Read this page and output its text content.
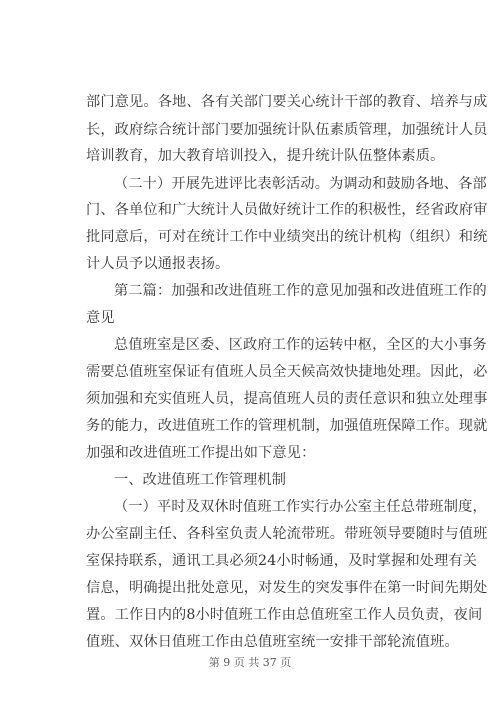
部门意见。各地、各有关部门要关心统计干部的教育、培养与成
长，政府综合统计部门要加强统计队伍素质管理，加强统计人员
培训教育，加大教育培训投入，提升统计队伍整体素质。
（二十）开展先进评比表彰活动。为调动和鼓励各地、各部
门、各单位和广大统计人员做好统计工作的积极性，经省政府审
批同意后，可对在统计工作中业绩突出的统计机构（组织）和统
计人员予以通报表扬。
第二篇：加强和改进值班工作的意见加强和改进值班工作的
意见
总值班室是区委、区政府工作的运转中枢，全区的大小事务
需要总值班室保证有值班人员全天候高效快捷地处理。因此，必
须加强和充实值班人员，提高值班人员的责任意识和独立处理事
务的能力，改进值班工作的管理机制，加强值班保障工作。现就
加强和改进值班工作提出如下意见：
一、改进值班工作管理机制
（一）平时及双休时值班工作实行办公室主任总带班制度，
办公室副主任、各科室负责人轮流带班。带班领导要随时与值班
室保持联系，通讯工具必须24小时畅通，及时掌握和处理有关
信息，明确提出批处意见，对发生的突发事件在第一时间先期处
置。工作日内的8小时值班工作由总值班室工作人员负责，夜间
值班、双休日值班工作由总值班室统一安排干部轮流值班。
第 9 页 共 37 页
